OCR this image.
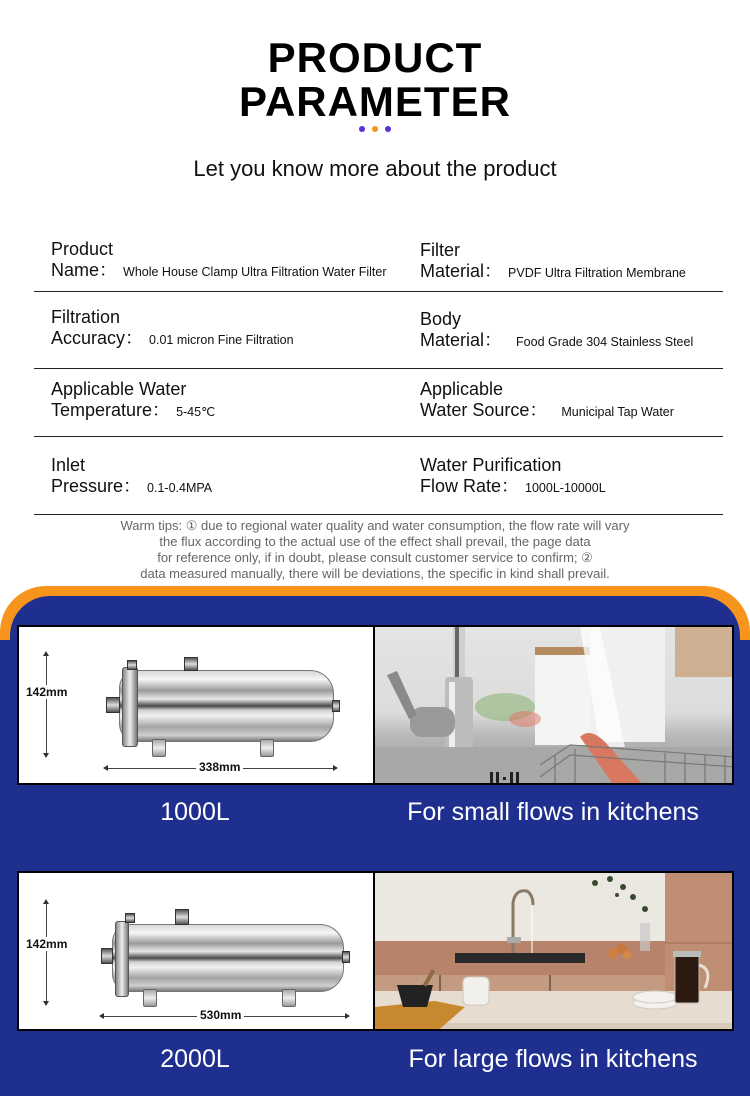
PRODUCT
PARAMETER
Let you know more about the product
Product
Name： Whole House Clamp Ultra Filtration Water Filter
Filter
Material： PVDF Ultra Filtration Membrane
Filtration
Accuracy： 0.01 micron Fine Filtration
Body
Material： Food Grade 304 Stainless Steel
Applicable Water
Temperature： 5-45℃
Applicable
Water Source： Municipal Tap Water
Inlet
Pressure： 0.1-0.4MPA
Water Purification
Flow Rate： 1000L-10000L
Warm tips: ① due to regional water quality and water consumption, the flow rate will vary
the flux according to the actual use of the effect shall prevail, the page data
for reference only, if in doubt, please consult customer service to confirm; ②
data measured manually, there will be deviations, the specific in kind shall prevail.
142mm
338mm
1000L	For small flows in kitchens
142mm
530mm
2000L	For large flows in kitchens
